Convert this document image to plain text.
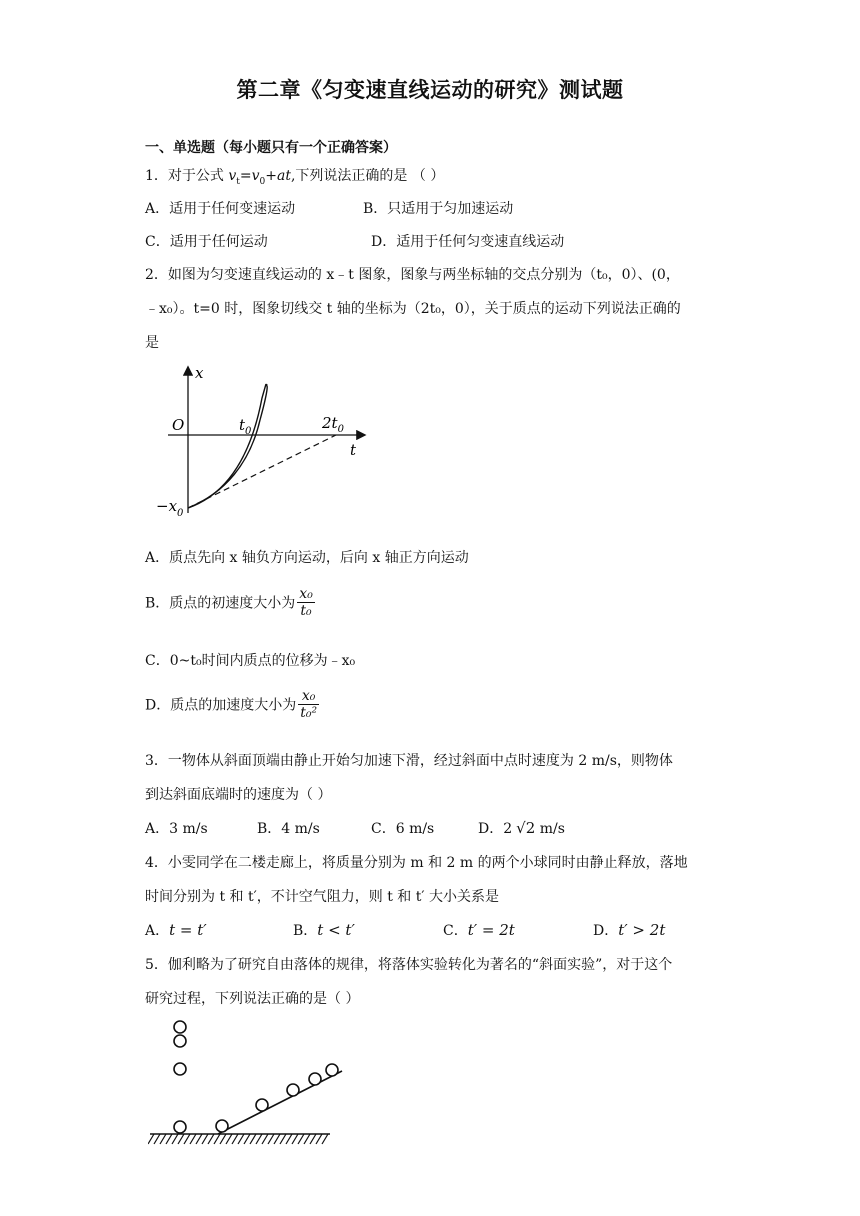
第二章《匀变速直线运动的研究》测试题
一、单选题（每小题只有一个正确答案）
1．对于公式 $v_t=v_0+at$,下列说法正确的是 （ ）
A．适用于任何变速运动	B．只适用于匀加速运动
C．适用于任何运动	D．适用于任何匀变速直线运动
2．如图为匀变速直线运动的 x﹣t 图象，图象与两坐标轴的交点分别为（t₀，0）、(0，
﹣x₀）。t=0 时，图象切线交 t 轴的坐标为（2t₀，0），关于质点的运动下列说法正确的
是
x
t
O	$t_0$	$2t_0$
$-x_0$
A．质点先向 x 轴负方向运动，后向 x 轴正方向运动
B．质点的初速度大小为 $\frac{\text{x₀}}{\text{t₀}}$
C．0~t₀时间内质点的位移为﹣x₀
D．质点的加速度大小为 $\frac{\text{x₀}}{\text{t₀²}}$
3．一物体从斜面顶端由静止开始匀加速下滑，经过斜面中点时速度为 2 m/s，则物体
到达斜面底端时的速度为（ ）
A．3 m/s	B．4 m/s	C．6 m/s	D．2 √2 m/s
4．小雯同学在二楼走廊上，将质量分别为 m 和 2 m 的两个小球同时由静止释放，落地
时间分别为 t 和 t′，不计空气阻力，则 t 和 t′ 大小关系是
A．t = t′	B．t < t′	C．t′ = 2t	D．t′ > 2t
5．伽利略为了研究自由落体的规律，将落体实验转化为著名的“斜面实验”，对于这个
研究过程，下列说法正确的是（ ）
